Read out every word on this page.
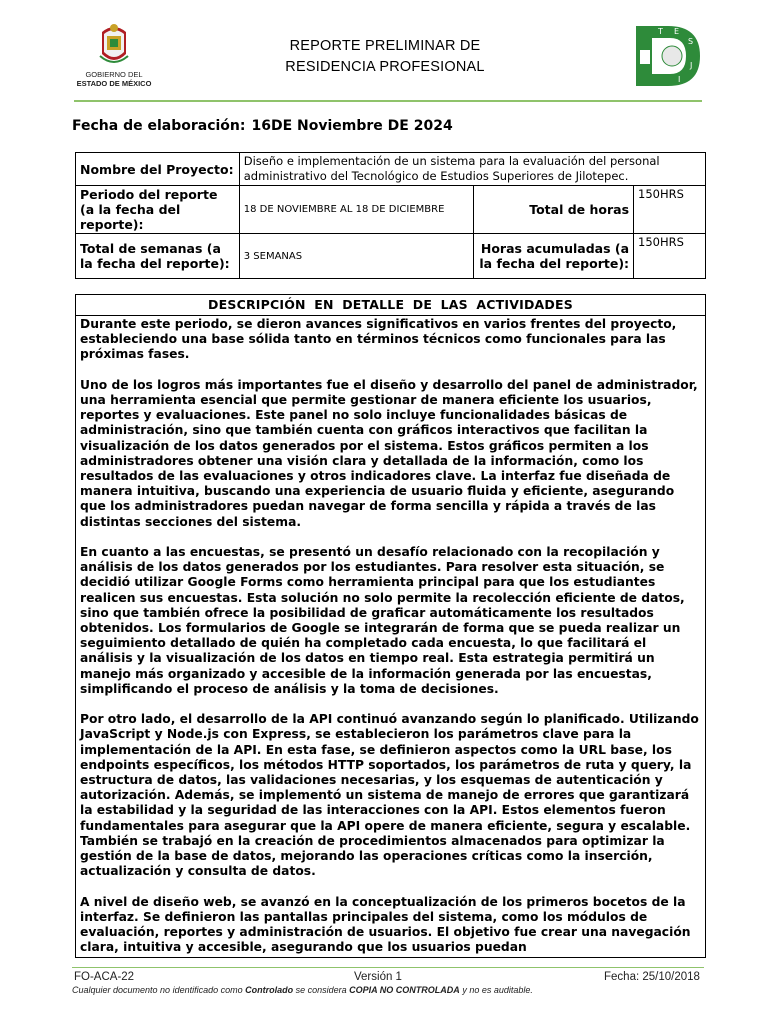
GOBIERNO DEL
ESTADO DE MÉXICO
REPORTE PRELIMINAR DE
RESIDENCIA PROFESIONAL
T E
S
J
I
Fecha de elaboración: 16DE Noviembre DE 2024
Nombre del Proyecto:	Diseño e implementación de un sistema para la evaluación del personal administrativo del Tecnológico de Estudios Superiores de Jilotepec.		
Periodo del reporte (a la fecha del reporte):	18 DE NOVIEMBRE AL 18 DE DICIEMBRE	Total de horas	150HRS
Total de semanas (a la fecha del reporte):	3 SEMANAS	Horas acumuladas (a la fecha del reporte):	150HRS
DESCRIPCIÓN EN DETALLE DE LAS ACTIVIDADES

Durante este periodo, se dieron avances significativos en varios frentes del proyecto, estableciendo una base sólida tanto en términos técnicos como funcionales para las próximas fases.

Uno de los logros más importantes fue el diseño y desarrollo del panel de administrador, una herramienta esencial que permite gestionar de manera eficiente los usuarios, reportes y evaluaciones. Este panel no solo incluye funcionalidades básicas de administración, sino que también cuenta con gráficos interactivos que facilitan la visualización de los datos generados por el sistema. Estos gráficos permiten a los administradores obtener una visión clara y detallada de la información, como los resultados de las evaluaciones y otros indicadores clave. La interfaz fue diseñada de manera intuitiva, buscando una experiencia de usuario fluida y eficiente, asegurando que los administradores puedan navegar de forma sencilla y rápida a través de las distintas secciones del sistema.

En cuanto a las encuestas, se presentó un desafío relacionado con la recopilación y análisis de los datos generados por los estudiantes. Para resolver esta situación, se decidió utilizar Google Forms como herramienta principal para que los estudiantes realicen sus encuestas. Esta solución no solo permite la recolección eficiente de datos, sino que también ofrece la posibilidad de graficar automáticamente los resultados obtenidos. Los formularios de Google se integrarán de forma que se pueda realizar un seguimiento detallado de quién ha completado cada encuesta, lo que facilitará el análisis y la visualización de los datos en tiempo real. Esta estrategia permitirá un manejo más organizado y accesible de la información generada por las encuestas, simplificando el proceso de análisis y la toma de decisiones.

Por otro lado, el desarrollo de la API continuó avanzando según lo planificado. Utilizando JavaScript y Node.js con Express, se establecieron los parámetros clave para la implementación de la API. En esta fase, se definieron aspectos como la URL base, los endpoints específicos, los métodos HTTP soportados, los parámetros de ruta y query, la estructura de datos, las validaciones necesarias, y los esquemas de autenticación y autorización. Además, se implementó un sistema de manejo de errores que garantizará la estabilidad y la seguridad de las interacciones con la API. Estos elementos fueron fundamentales para asegurar que la API opere de manera eficiente, segura y escalable. También se trabajó en la creación de procedimientos almacenados para optimizar la gestión de la base de datos, mejorando las operaciones críticas como la inserción, actualización y consulta de datos.

A nivel de diseño web, se avanzó en la conceptualización de los primeros bocetos de la interfaz. Se definieron las pantallas principales del sistema, como los módulos de evaluación, reportes y administración de usuarios. El objetivo fue crear una navegación clara, intuitiva y accesible, asegurando que los usuarios puedan

FO-ACA-22	Versión 1	Fecha: 25/10/2018
Cualquier documento no identificado como Controlado se considera COPIA NO CONTROLADA y no es auditable.
